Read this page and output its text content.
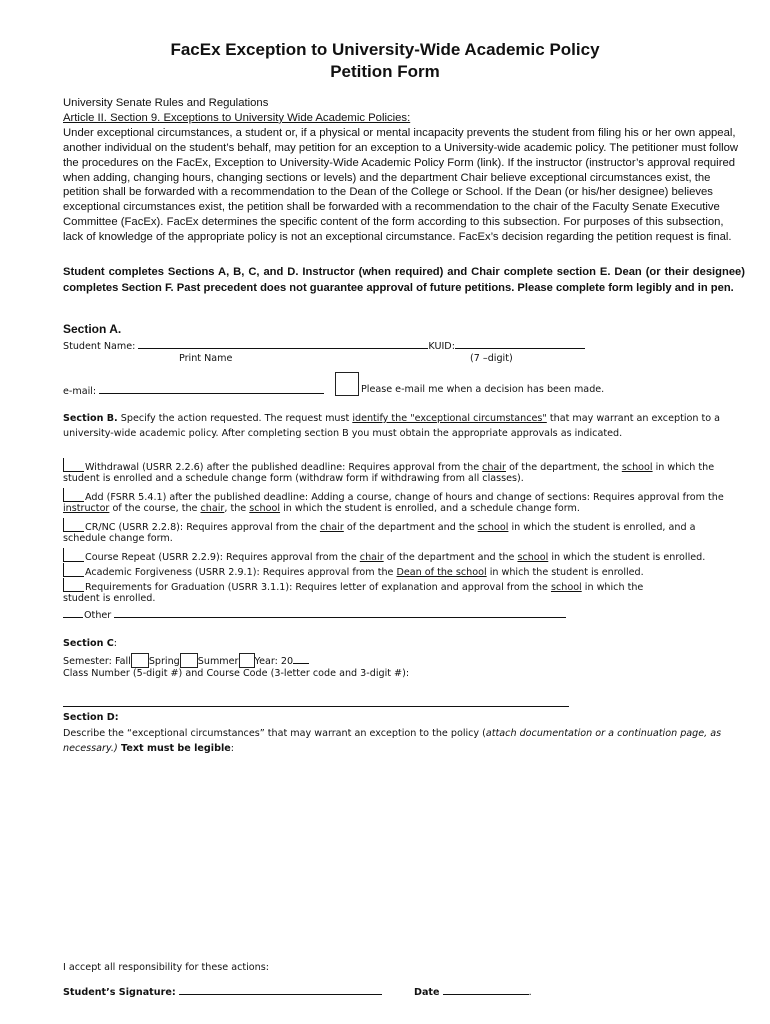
FacEx Exception to University-Wide Academic Policy
Petition Form
University Senate Rules and Regulations
Article II. Section 9. Exceptions to University Wide Academic Policies:
Under exceptional circumstances, a student or, if a physical or mental incapacity prevents the student from filing his or her own appeal, another individual on the student’s behalf, may petition for an exception to a University-wide academic policy. The petitioner must follow the procedures on the FacEx, Exception to University-Wide Academic Policy Form (link). If the instructor (instructor’s approval required when adding, changing hours, changing sections or levels) and the department Chair believe exceptional circumstances exist, the petition shall be forwarded with a recommendation to the Dean of the College or School. If the Dean (or his/her designee) believes exceptional circumstances exist, the petition shall be forwarded with a recommendation to the chair of the Faculty Senate Executive Committee (FacEx). FacEx determines the specific content of the form according to this subsection. For purposes of this subsection, lack of knowledge of the appropriate policy is not an exceptional circumstance. FacEx’s decision regarding the petition request is final.
Student completes Sections A, B, C, and D. Instructor (when required) and Chair complete section E. Dean (or their designee) completes Section F. Past precedent does not guarantee approval of future petitions. Please complete form legibly and in pen.
Section A.
Student Name:	KUID:
Print Name	(7 –digit)
e-mail:	Please e-mail me when a decision has been made.
Section B. Specify the action requested. The request must identify the "exceptional circumstances" that may warrant an exception to a
university-wide academic policy. After completing section B you must obtain the appropriate approvals as indicated.
Withdrawal (USRR 2.2.6) after the published deadline: Requires approval from the chair of the department, the school in which the
student is enrolled and a schedule change form (withdraw form if withdrawing from all classes).
Add (FSRR 5.4.1) after the published deadline: Adding a course, change of hours and change of sections: Requires approval from the
instructor of the course, the chair, the school in which the student is enrolled, and a schedule change form.
CR/NC (USRR 2.2.8): Requires approval from the chair of the department and the school in which the student is enrolled, and a
schedule change form.
Course Repeat (USRR 2.2.9): Requires approval from the chair of the department and the school in which the student is enrolled.
Academic Forgiveness (USRR 2.9.1): Requires approval from the Dean of the school in which the student is enrolled.
Requirements for Graduation (USRR 3.1.1): Requires letter of explanation and approval from the school in which the
student is enrolled.
Other
Section C:
Semester: Fall Spring Summer Year: 20
Class Number (5-digit #) and Course Code (3-letter code and 3-digit #):
Section D:
Describe the “exceptional circumstances” that may warrant an exception to the policy (attach documentation or a continuation page, as
necessary.) Text must be legible:
I accept all responsibility for these actions:
Student’s Signature:	Date	.
